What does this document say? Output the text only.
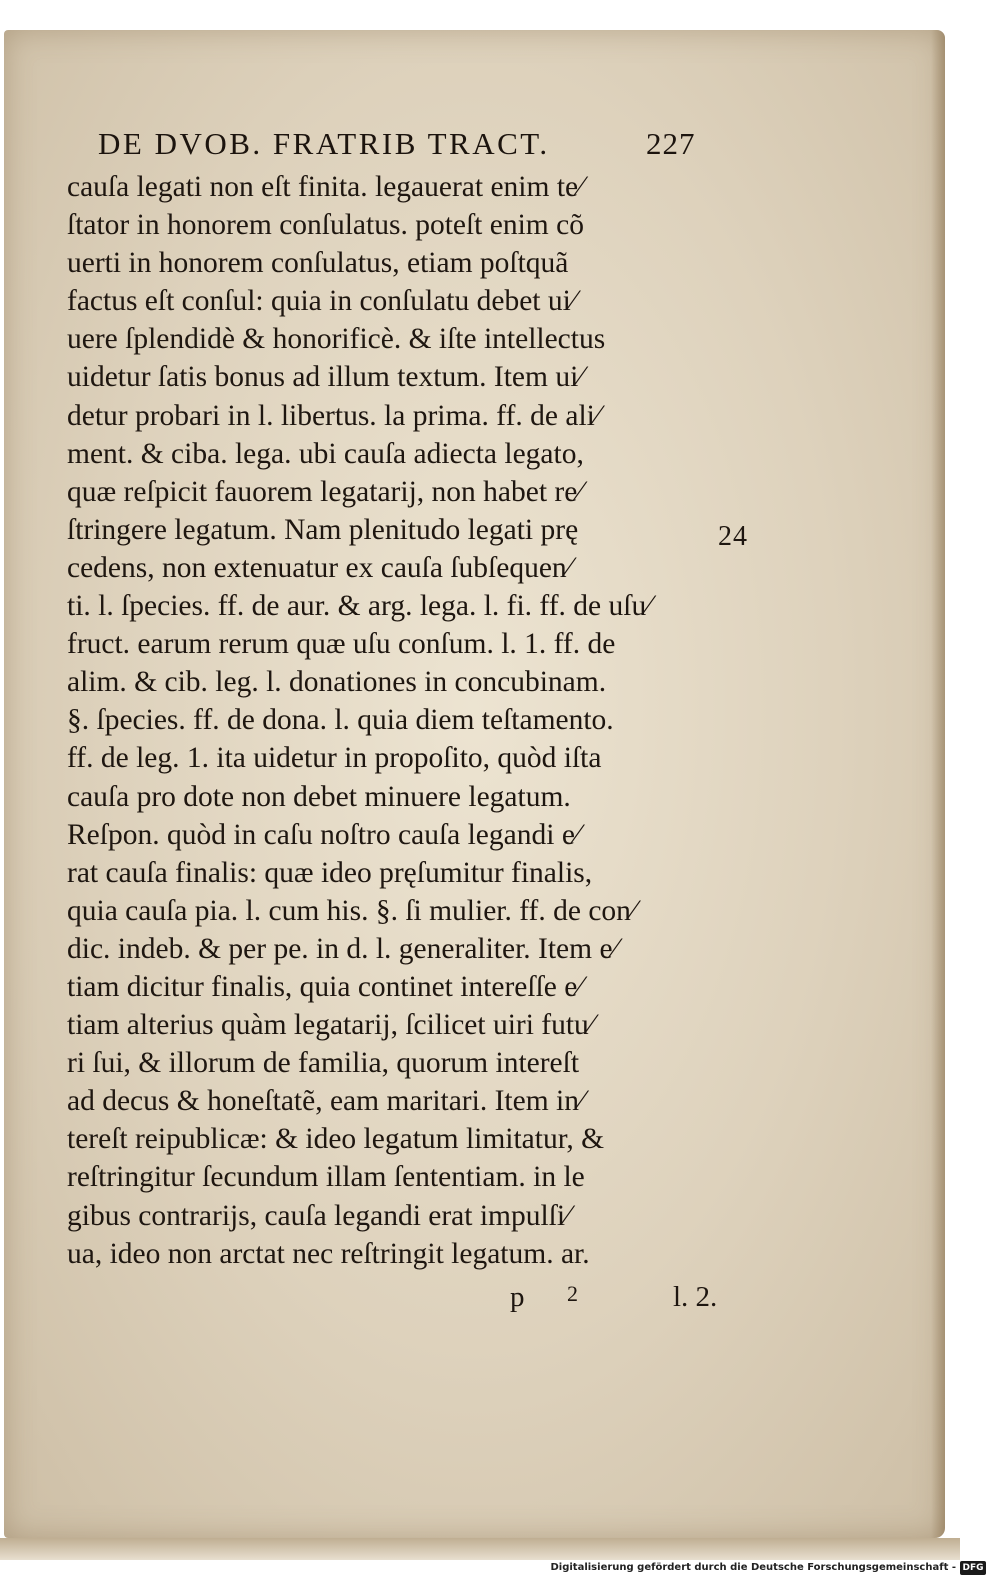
DE DVOB. FRATRIB TRACT.	227
cauſa legati non eſt finita. legauerat enim te⁄
ſtator in honorem conſulatus. poteſt enim cõ
uerti in honorem conſulatus, etiam poſtquã
factus eſt conſul: quia in conſulatu debet ui⁄
uere ſplendidè & honorificè. & iſte intellectus
uidetur ſatis bonus ad illum textum. Item ui⁄
detur probari in l. libertus. la prima. ff. de ali⁄
ment. & ciba. lega. ubi cauſa adiecta legato,
quæ reſpicit fauorem legatarij, non habet re⁄
ſtringere legatum. Nam plenitudo legati prę
cedens, non extenuatur ex cauſa ſubſequen⁄
ti. l. ſpecies. ff. de aur. & arg. lega. l. fi. ff. de uſu⁄
fruct. earum rerum quæ uſu conſum. l. 1. ff. de
alim. & cib. leg. l. donationes in concubinam.
§. ſpecies. ff. de dona. l. quia diem teſtamento.
ff. de leg. 1. ita uidetur in propoſito, quòd iſta
cauſa pro dote non debet minuere legatum.
Reſpon. quòd in caſu noſtro cauſa legandi e⁄
rat cauſa finalis: quæ ideo pręſumitur finalis,
quia cauſa pia. l. cum his. §. ſi mulier. ff. de con⁄
dic. indeb. & per pe. in d. l. generaliter. Item e⁄
tiam dicitur finalis, quia continet intereſſe e⁄
tiam alterius quàm legatarij, ſcilicet uiri futu⁄
ri ſui, & illorum de familia, quorum intereſt
ad decus & honeſtatẽ, eam maritari. Item in⁄
tereſt reipublicæ: & ideo legatum limitatur, &
reſtringitur ſecundum illam ſententiam. in le
gibus contrarijs, cauſa legandi erat impulſi⁄
ua, ideo non arctat nec reſtringit legatum. ar.
24
p 2	l. 2.
Digitalisierung gefördert durch die Deutsche Forschungsgemeinschaft - DFG
